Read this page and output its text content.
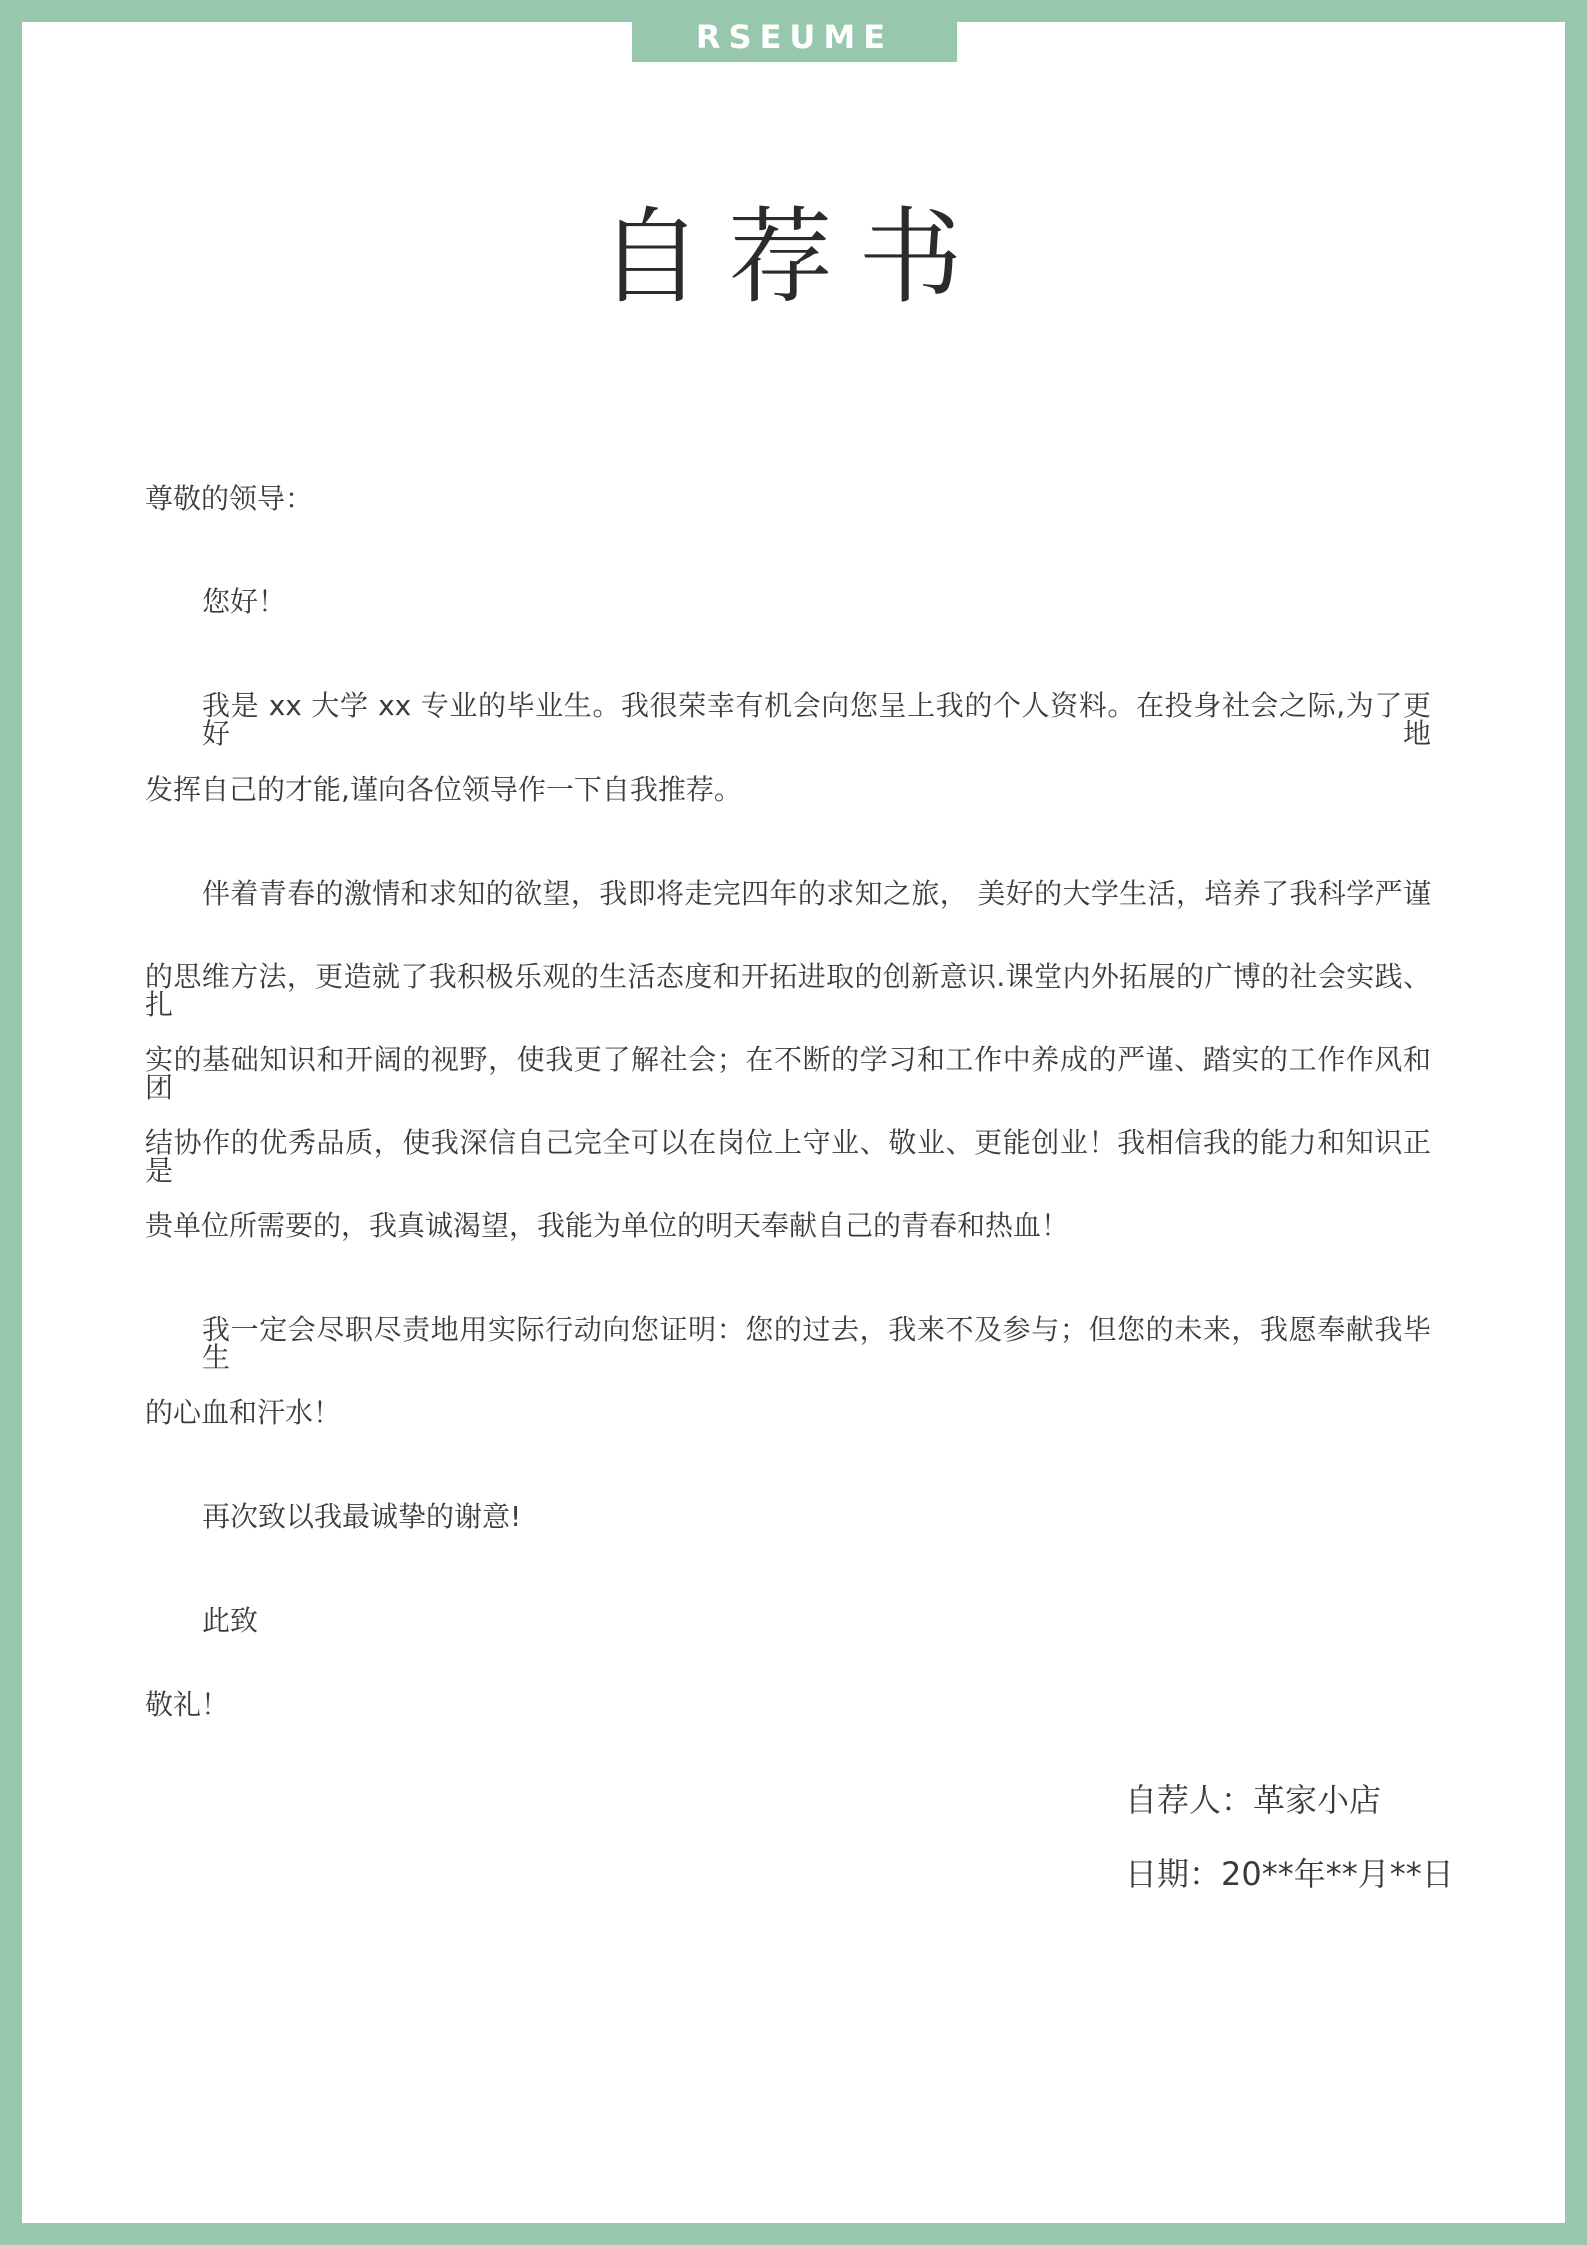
RSEUME
自荐书
尊敬的领导：
您好！
我是 xx 大学 xx 专业的毕业生。我很荣幸有机会向您呈上我的个人资料。在投身社会之际,为了更好地
发挥自己的才能,谨向各位领导作一下自我推荐。
伴着青春的激情和求知的欲望，我即将走完四年的求知之旅， 美好的大学生活，培养了我科学严谨
的思维方法，更造就了我积极乐观的生活态度和开拓进取的创新意识.课堂内外拓展的广博的社会实践、扎
实的基础知识和开阔的视野，使我更了解社会；在不断的学习和工作中养成的严谨、踏实的工作作风和团
结协作的优秀品质，使我深信自己完全可以在岗位上守业、敬业、更能创业！我相信我的能力和知识正是
贵单位所需要的，我真诚渴望，我能为单位的明天奉献自己的青春和热血！
我一定会尽职尽责地用实际行动向您证明：您的过去，我来不及参与；但您的未来，我愿奉献我毕生
的心血和汗水！
再次致以我最诚挚的谢意!
此致
敬礼！
自荐人：革家小店
日期：20**年**月**日
